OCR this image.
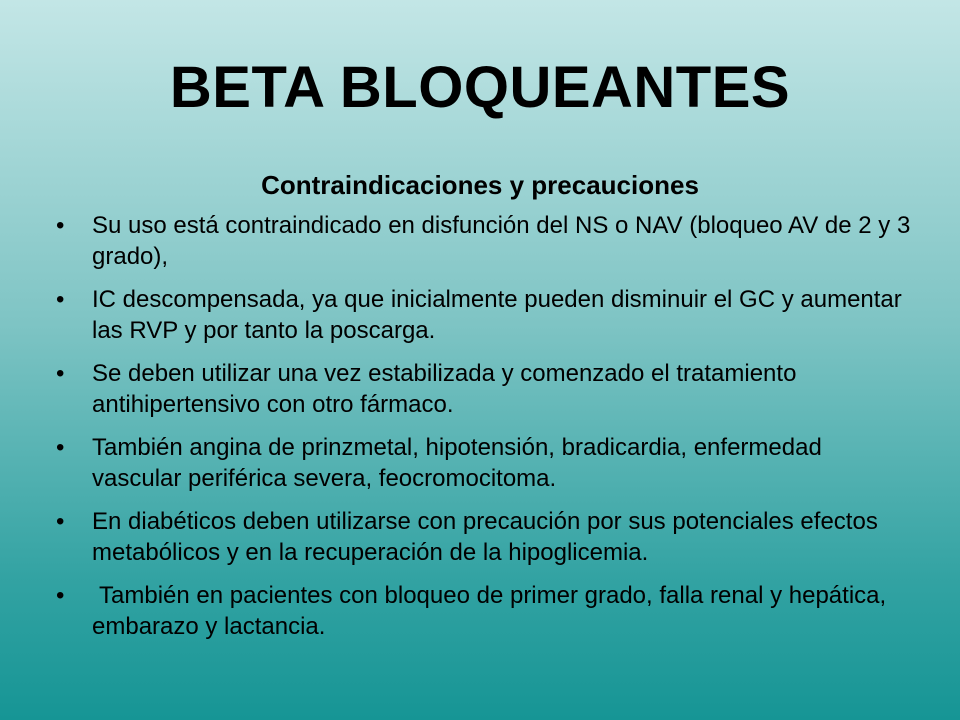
BETA BLOQUEANTES
Contraindicaciones y precauciones
• Su uso está contraindicado en disfunción del NS o NAV (bloqueo AV de 2 y 3 grado),
• IC descompensada, ya que inicialmente pueden disminuir el GC y aumentar las RVP y por tanto la poscarga.
• Se deben utilizar una vez estabilizada y comenzado el tratamiento antihipertensivo con otro fármaco.
• También angina de prinzmetal, hipotensión, bradicardia, enfermedad vascular periférica severa, feocromocitoma.
• En diabéticos deben utilizarse con precaución por sus potenciales efectos metabólicos y en la recuperación de la hipoglicemia.
• También en pacientes con bloqueo de primer grado, falla renal y hepática, embarazo y lactancia.
